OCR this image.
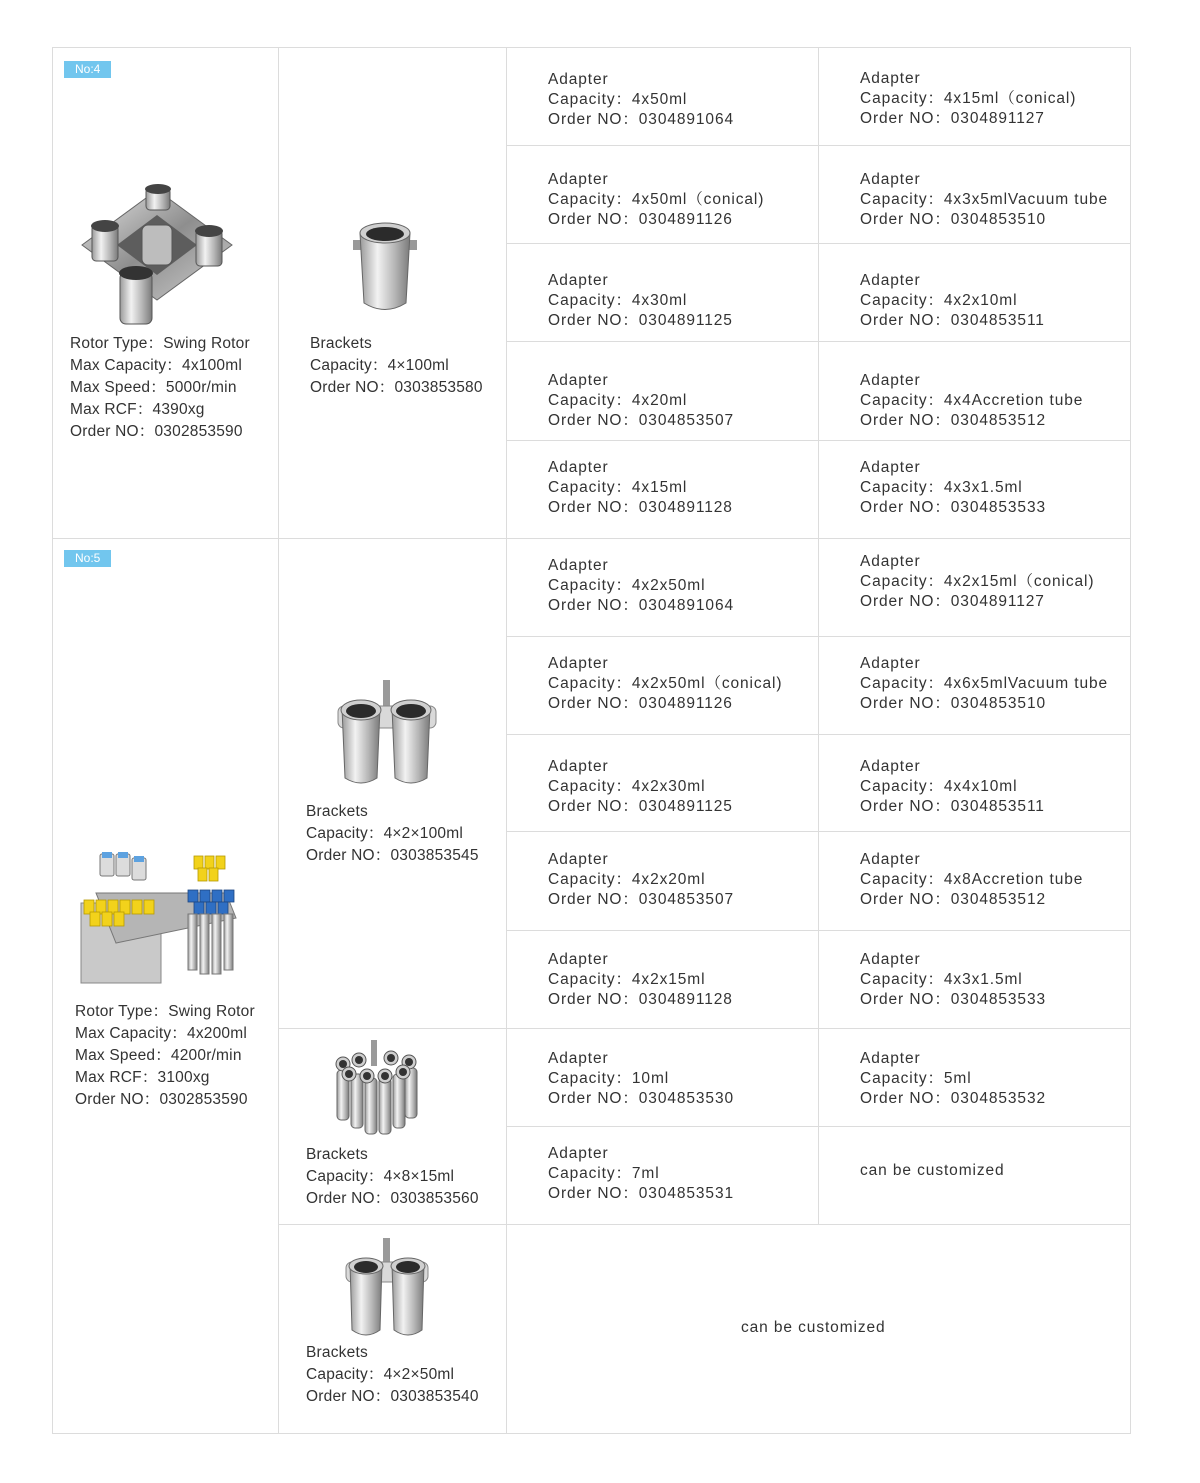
No:4
Rotor Type：Swing Rotor
Max Capacity：4x100ml
Max Speed：5000r/min
Max RCF：4390xg
Order NO：0302853590
Brackets
Capacity：4×100ml
Order NO：0303853580
Adapter
Capacity：4x50ml
Order NO：0304891064
Adapter
Capacity：4x15ml（conical)
Order NO：0304891127
Adapter
Capacity：4x50ml（conical)
Order NO：0304891126
Adapter
Capacity：4x3x5mlVacuum tube
Order NO：0304853510
Adapter
Capacity：4x30ml
Order NO：0304891125
Adapter
Capacity：4x2x10ml
Order NO：0304853511
Adapter
Capacity：4x20ml
Order NO：0304853507
Adapter
Capacity：4x4Accretion tube
Order NO：0304853512
Adapter
Capacity：4x15ml
Order NO：0304891128
Adapter
Capacity：4x3x1.5ml
Order NO：0304853533
No:5
Rotor Type：Swing Rotor
Max Capacity：4x200ml
Max Speed：4200r/min
Max RCF：3100xg
Order NO：0302853590
Brackets
Capacity：4×2×100ml
Order NO：0303853545
Adapter
Capacity：4x2x50ml
Order NO：0304891064
Adapter
Capacity：4x2x15ml（conical)
Order NO：0304891127
Adapter
Capacity：4x2x50ml（conical)
Order NO：0304891126
Adapter
Capacity：4x6x5mlVacuum tube
Order NO：0304853510
Adapter
Capacity：4x2x30ml
Order NO：0304891125
Adapter
Capacity：4x4x10ml
Order NO：0304853511
Adapter
Capacity：4x2x20ml
Order NO：0304853507
Adapter
Capacity：4x8Accretion tube
Order NO：0304853512
Adapter
Capacity：4x2x15ml
Order NO：0304891128
Adapter
Capacity：4x3x1.5ml
Order NO：0304853533
Brackets
Capacity：4×8×15ml
Order NO：0303853560
Adapter
Capacity：10ml
Order NO：0304853530
Adapter
Capacity：5ml
Order NO：0304853532
Adapter
Capacity：7ml
Order NO：0304853531
can be customized
Brackets
Capacity：4×2×50ml
Order NO：0303853540
can be customized
